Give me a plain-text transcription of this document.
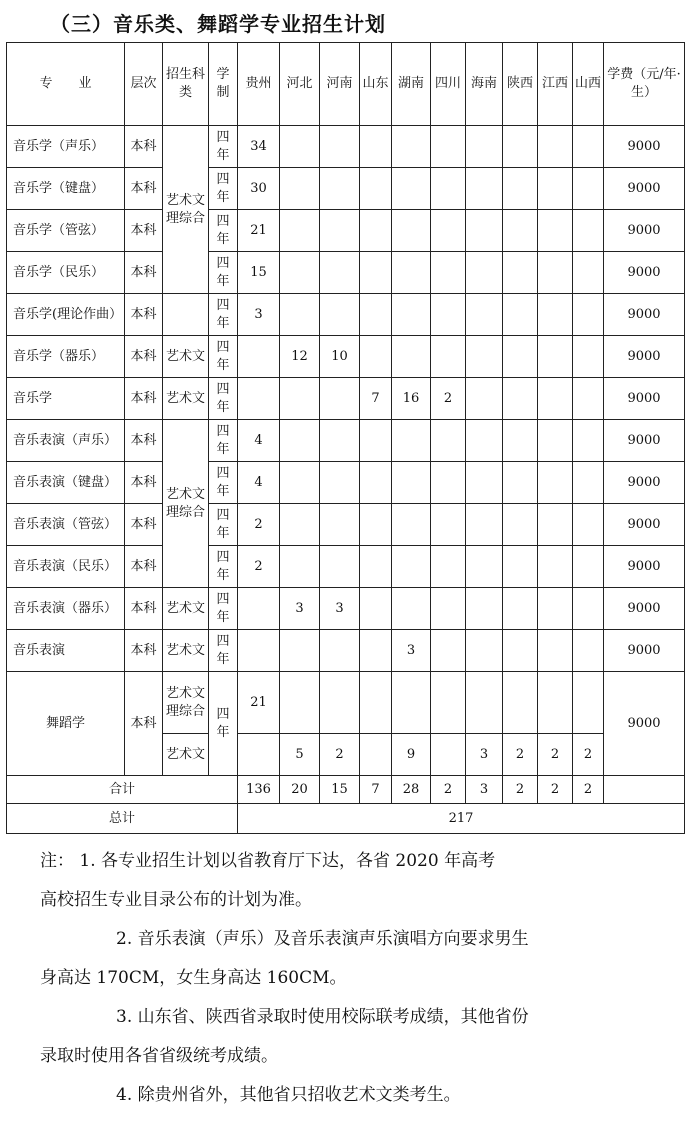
（三）音乐类、舞蹈学专业招生计划
专　　业	层次	招生科类	学制	贵州	河北	河南	山东	湖南	四川	海南	陕西	江西	山西	学费（元/年·生）
音乐学（声乐）	本科	艺术文理综合	四年	34										9000
音乐学（键盘）	本科		四年	30										9000
音乐学（管弦）	本科		四年	21										9000
音乐学（民乐）	本科		四年	15										9000
音乐学(理论作曲）	本科		四年	3										9000
音乐学（器乐）	本科	艺术文	四年		12	10								9000
音乐学	本科	艺术文	四年				7	16	2					9000
音乐表演（声乐）	本科	艺术文理综合	四年	4										9000
音乐表演（键盘）	本科		四年	4										9000
音乐表演（管弦）	本科		四年	2										9000
音乐表演（民乐）	本科		四年	2										9000
音乐表演（器乐）	本科	艺术文	四年		3	3								9000
音乐表演	本科	艺术文	四年					3						9000
舞蹈学	本科	艺术文理综合	四年	21										9000
		艺术文			5	2		9		3	2	2	2	
合计				136	20	15	7	28	2	3	2	2	2	
总计				217										

注： 1. 各专业招生计划以省教育厅下达，各省 2020 年高考

高校招生专业目录公布的计划为准。

2. 音乐表演（声乐）及音乐表演声乐演唱方向要求男生

身高达 170CM，女生身高达 160CM。

3. 山东省、陕西省录取时使用校际联考成绩，其他省份

录取时使用各省省级统考成绩。

4. 除贵州省外，其他省只招收艺术文类考生。
